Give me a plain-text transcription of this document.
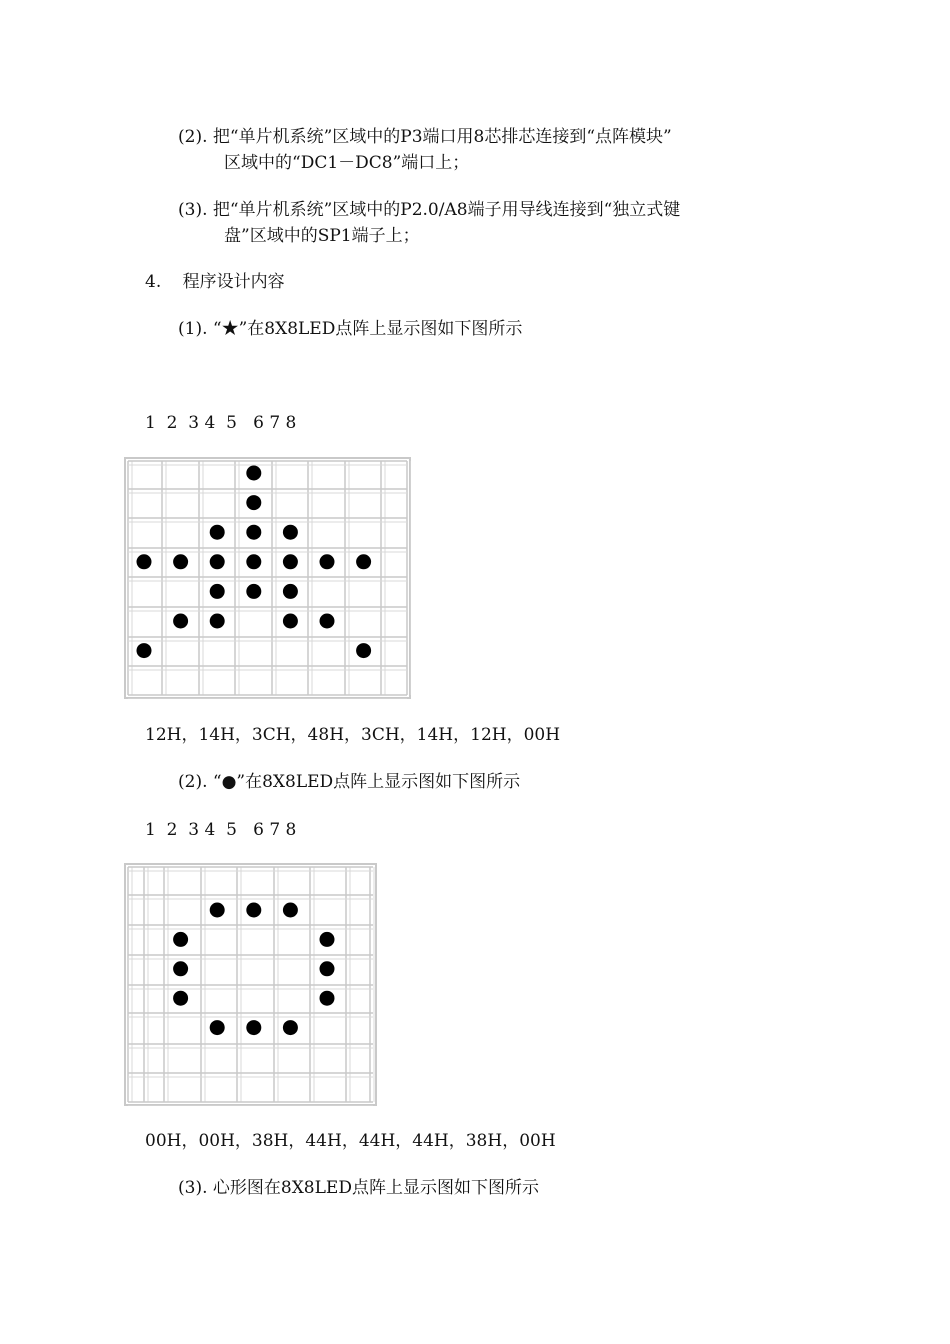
(2). 把“单片机系统”区域中的P3端口用8芯排芯连接到“点阵模块”
区域中的“DC1－DC8”端口上；
(3). 把“单片机系统”区域中的P2.0/A8端子用导线连接到“独立式键
盘”区域中的SP1端子上；
4. 程序设计内容
(1). “★”在8X8LED点阵上显示图如下图所示
1  2  3 4  5   6 7 8
12H，14H，3CH，48H，3CH，14H，12H，00H
(2). “●”在8X8LED点阵上显示图如下图所示
1  2  3 4  5   6 7 8
00H，00H，38H，44H，44H，44H，38H，00H
(3). 心形图在8X8LED点阵上显示图如下图所示
